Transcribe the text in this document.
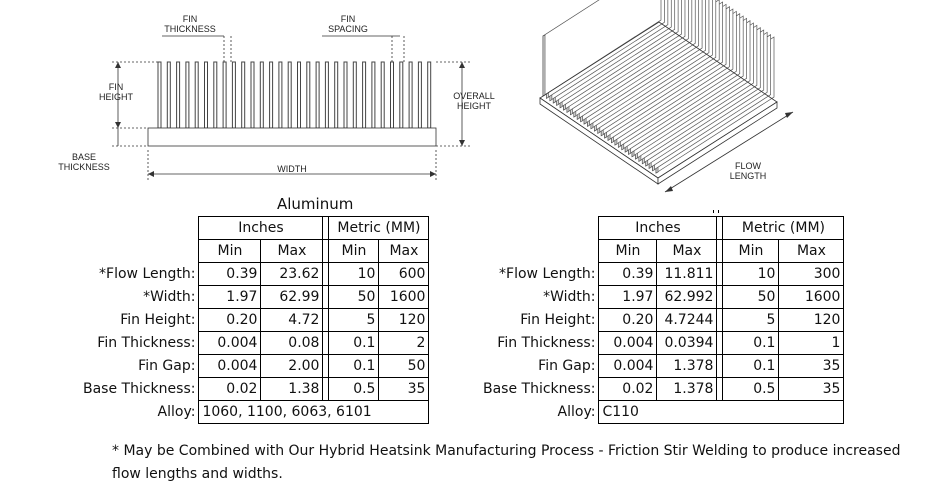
FIN
THICKNESS
FIN
SPACING
FIN
HEIGHT	OVERALL
HEIGHT
BASE
THICKNESS	WIDTH	FLOW
LENGTH
Aluminum
	Inches			Metric (MM)	
	Min	Max		Min	Max
*Flow Length:	0.39	23.62		10	600
*Width:	1.97	62.99		50	1600
Fin Height:	0.20	4.72		5	120
Fin Thickness:	0.004	0.08		0.1	2
Fin Gap:	0.004	2.00		0.1	50
Base Thickness:	0.02	1.38		0.5	35
Alloy:	1060, 1100, 6063, 6101				
	Inches			Metric (MM)	
	Min	Max		Min	Max
*Flow Length:	0.39	11.811		10	300
*Width:	1.97	62.992		50	1600
Fin Height:	0.20	4.7244		5	120
Fin Thickness:	0.004	0.0394		0.1	1
Fin Gap:	0.004	1.378		0.1	35
Base Thickness:	0.02	1.378		0.5	35
Alloy:	C110				
* May be Combined with Our Hybrid Heatsink Manufacturing Process - Friction Stir Welding to produce increased flow lengths and widths.
